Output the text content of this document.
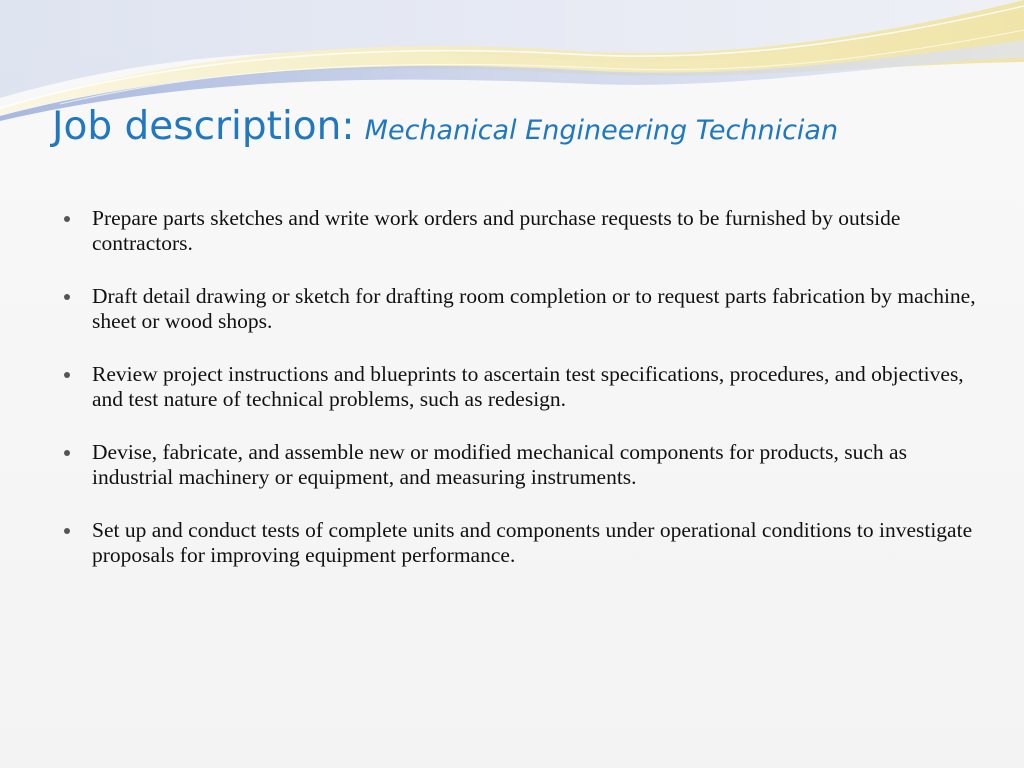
Job description: Mechanical Engineering Technician
Prepare parts sketches and write work orders and purchase requests to be furnished by outside contractors.
Draft detail drawing or sketch for drafting room completion or to request parts fabrication by machine, sheet or wood shops.
Review project instructions and blueprints to ascertain test specifications, procedures, and objectives, and test nature of technical problems, such as redesign.
Devise, fabricate, and assemble new or modified mechanical components for products, such as industrial machinery or equipment, and measuring instruments.
Set up and conduct tests of complete units and components under operational conditions to investigate proposals for improving equipment performance.
